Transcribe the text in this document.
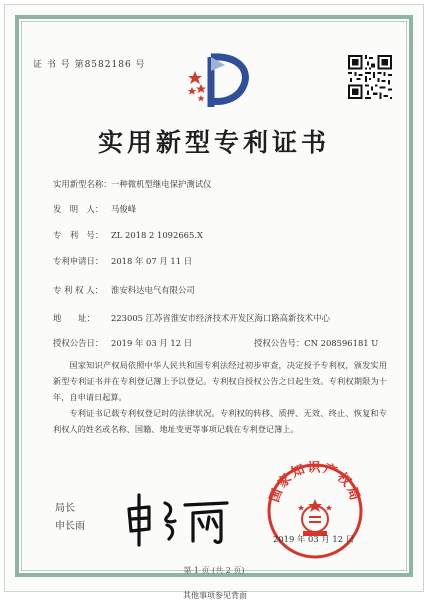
证 书 号 第8582186 号
实用新型专利证书
实用新型名称：一种微机型继电保护测试仪
发　明　人： 马俊峰
专　利　号： ZL 2018 2 1092665.X
专利申请日： 2018 年 07 月 11 日
专 利 权 人： 淮安科达电气有限公司
地　　址：	223005 江苏省淮安市经济技术开发区海口路高新技术中心
授权公告日： 2019 年 03 月 12 日	授权公告号：CN 208596181 U

国家知识产权局依照中华人民共和国专利法经过初步审查，决定授予专利权，颁发实用新型专利证书并在专利登记簿上予以登记。专利权自授权公告之日起生效。专利权期限为十年，自申请日起算。

专利证书记载专利权登记时的法律状况。专利权的转移、质押、无效、终止、恢复和专利权人的姓名或名称、国籍、地址变更等事项记载在专利登记簿上。

局长
申长雨
国家知识产权局
2019 年 03 月 12 日
第 1 页 (共 2 页)
其他事项参见背面
